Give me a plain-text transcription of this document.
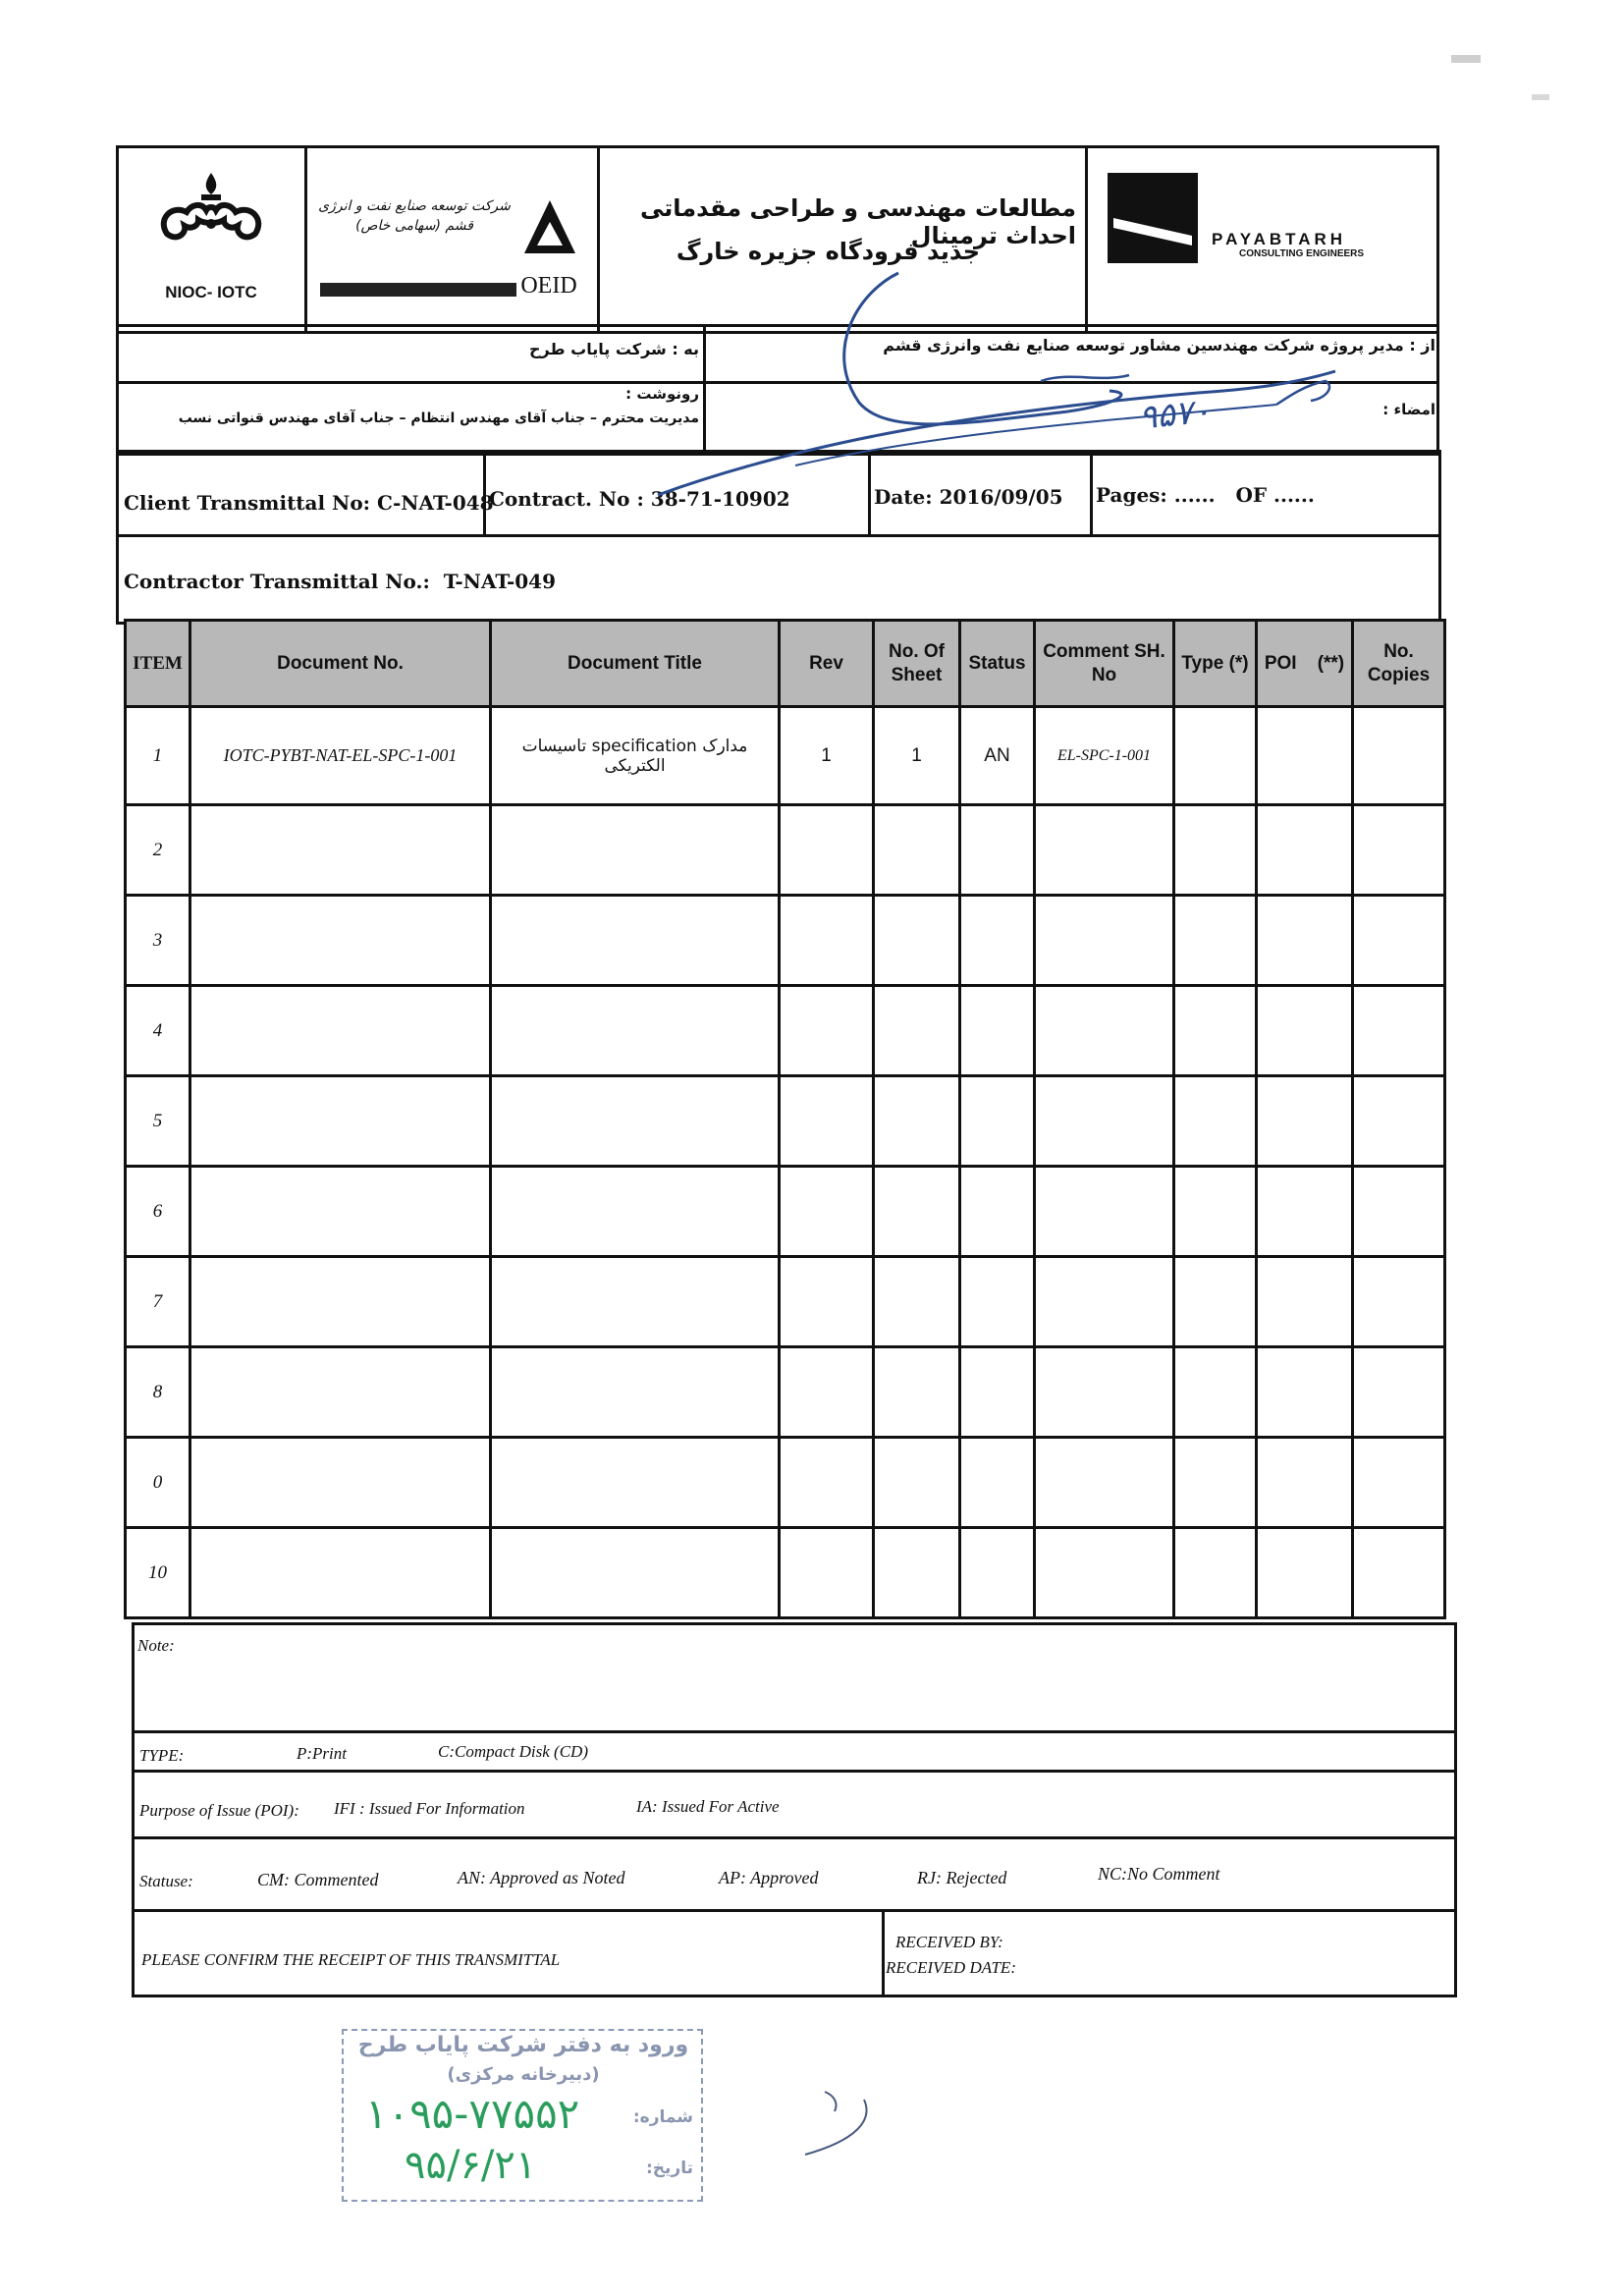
NIOC- IOTC
شرکت توسعه صنایع نفت و انرژی قشم (سهامی خاص)
OEID
مطالعات مهندسی و طراحی مقدماتی احداث ترمینال
جدید فرودگاه جزیره خارگ	PAYABTARH
CONSULTING ENGINEERS
به : شرکت پایاب طرح	از : مدیر پروژه شرکت مهندسین مشاور توسعه صنایع نفت وانرژی قشم
رونوشت :
مدیریت محترم – جناب آقای مهندس انتظام – جناب آقای مهندس قنواتی نسب	امضاء :
Client Transmittal No: C-NAT-048
Contract. No : 38-71-10902	Date: 2016/09/05	Pages: ......   OF ......
Contractor Transmittal No.:  T-NAT-049
ITEM	Document No.	Document Title	Rev	No. Of Sheet	Status	Comment SH. No	Type (*)	POI    (**)	No. Copies
1	IOTC-PYBT-NAT-EL-SPC-1-001	مدارک specification تاسیسات الکتریکی	1	1	AN	EL-SPC-1-001			
2									
3									
4									
5									
6									
7									
8									
0									
10									
Note:
TYPE:	P:Print	C:Compact Disk (CD)
Purpose of Issue (POI): IFI : Issued For Information	IA: Issued For Active
Statuse:	CM: Commented	AN: Approved as Noted	AP: Approved	RJ: Rejected	NC:No Comment
PLEASE CONFIRM THE RECEIPT OF THIS TRANSMITTAL
RECEIVED BY:
RECEIVED DATE:
۹۵۷۰
ورود به دفتر شرکت پایاب طرح
(دبیرخانه مرکزی)
شماره:
۱۰۹۵-۷۷۵۵۲
تاریخ:
۹۵/۶/۲۱
